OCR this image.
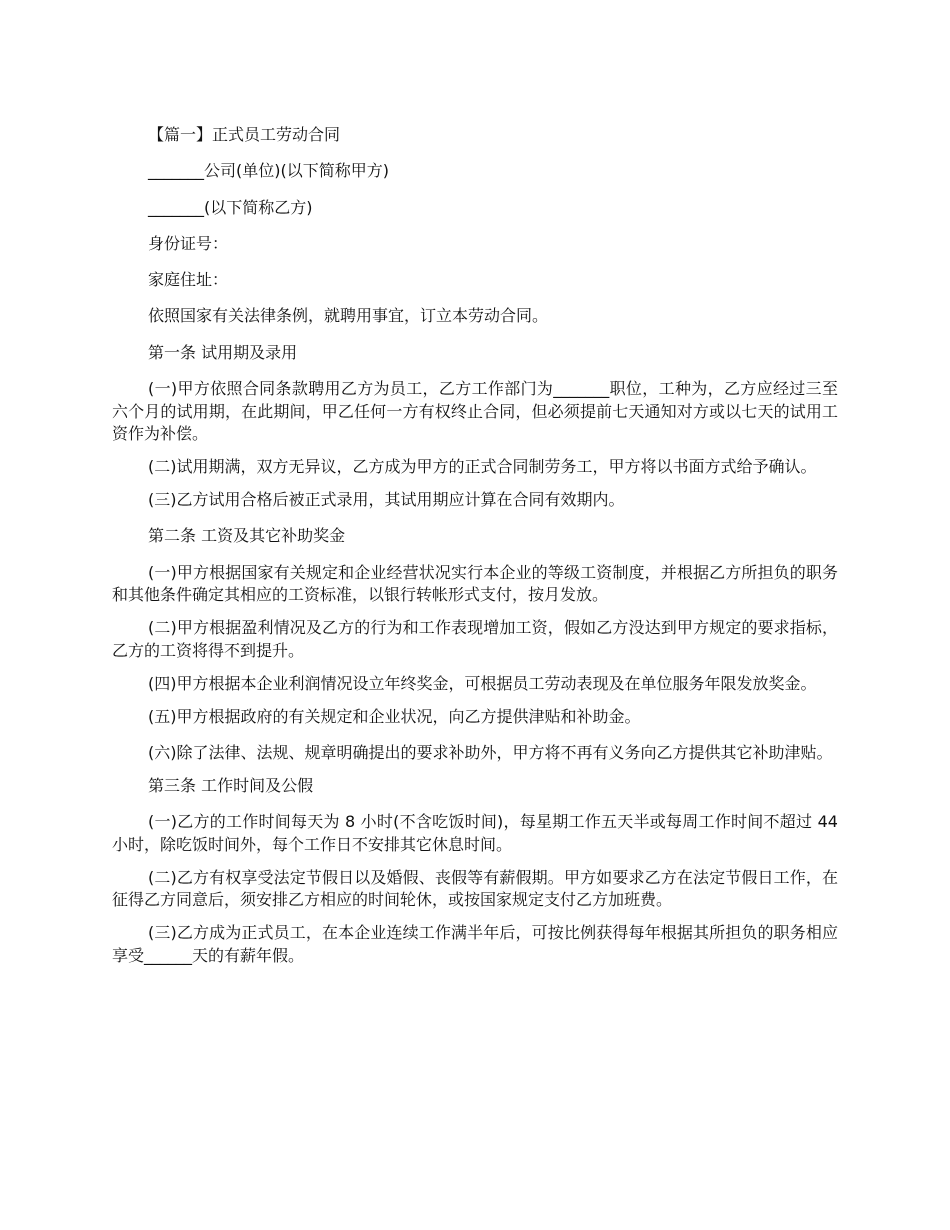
【篇一】正式员工劳动合同

_______公司(单位)(以下简称甲方)

_______(以下简称乙方)

身份证号：

家庭住址：

依照国家有关法律条例，就聘用事宜，订立本劳动合同。

第一条 试用期及录用

(一)甲方依照合同条款聘用乙方为员工，乙方工作部门为_______职位，工种为，乙方应经过三至六个月的试用期，在此期间，甲乙任何一方有权终止合同，但必须提前七天通知对方或以七天的试用工资作为补偿。

(二)试用期满，双方无异议，乙方成为甲方的正式合同制劳务工，甲方将以书面方式给予确认。

(三)乙方试用合格后被正式录用，其试用期应计算在合同有效期内。

第二条 工资及其它补助奖金

(一)甲方根据国家有关规定和企业经营状况实行本企业的等级工资制度，并根据乙方所担负的职务和其他条件确定其相应的工资标准，以银行转帐形式支付，按月发放。

(二)甲方根据盈利情况及乙方的行为和工作表现增加工资，假如乙方没达到甲方规定的要求指标，乙方的工资将得不到提升。

(四)甲方根据本企业利润情况设立年终奖金，可根据员工劳动表现及在单位服务年限发放奖金。

(五)甲方根据政府的有关规定和企业状况，向乙方提供津贴和补助金。

(六)除了法律、法规、规章明确提出的要求补助外，甲方将不再有义务向乙方提供其它补助津贴。

第三条 工作时间及公假

(一)乙方的工作时间每天为 8 小时(不含吃饭时间)，每星期工作五天半或每周工作时间不超过 44 小时，除吃饭时间外，每个工作日不安排其它休息时间。

(二)乙方有权享受法定节假日以及婚假、丧假等有薪假期。甲方如要求乙方在法定节假日工作，在征得乙方同意后，须安排乙方相应的时间轮休，或按国家规定支付乙方加班费。

(三)乙方成为正式员工，在本企业连续工作满半年后，可按比例获得每年根据其所担负的职务相应享受______天的有薪年假。
